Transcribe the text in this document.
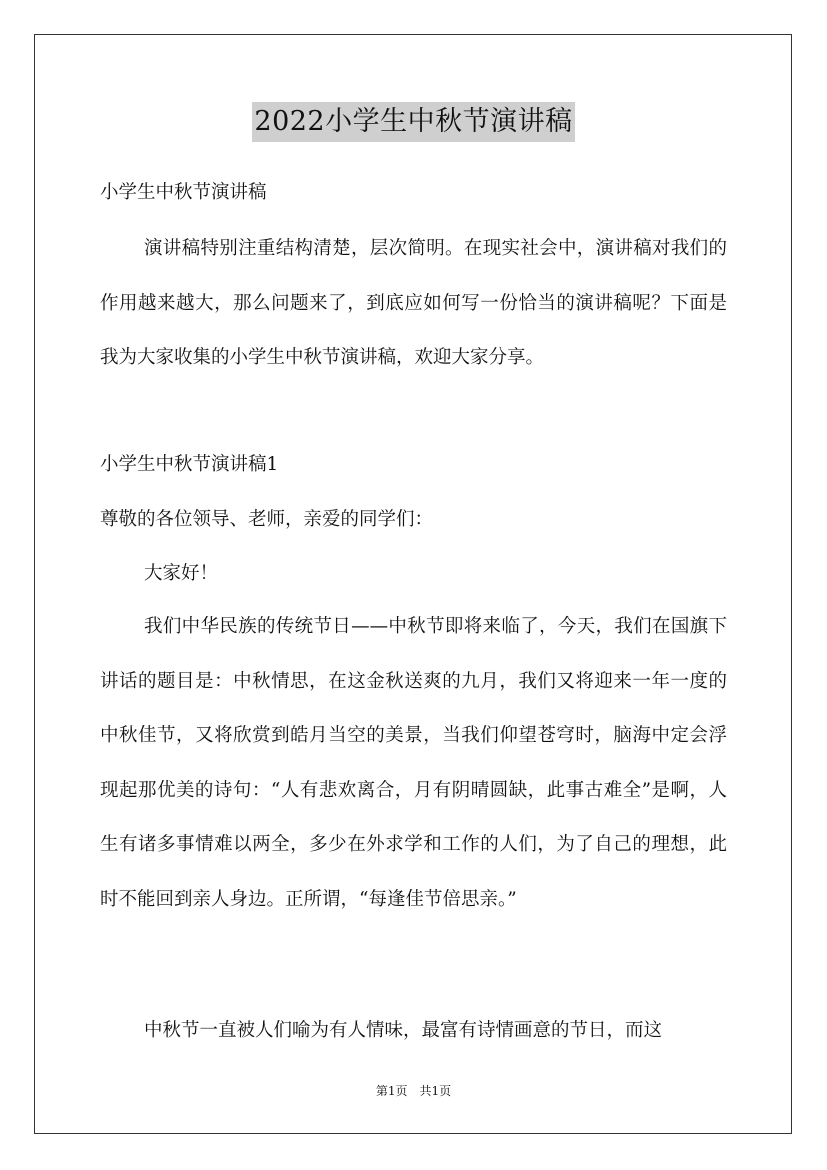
2022小学生中秋节演讲稿
小学生中秋节演讲稿
演讲稿特别注重结构清楚，层次简明。在现实社会中，演讲稿对我们的作用越来越大，那么问题来了，到底应如何写一份恰当的演讲稿呢？下面是我为大家收集的小学生中秋节演讲稿，欢迎大家分享。
小学生中秋节演讲稿1
尊敬的各位领导、老师，亲爱的同学们：
大家好！
我们中华民族的传统节日——中秋节即将来临了，今天，我们在国旗下讲话的题目是：中秋情思，在这金秋送爽的九月，我们又将迎来一年一度的中秋佳节，又将欣赏到皓月当空的美景，当我们仰望苍穹时，脑海中定会浮现起那优美的诗句：“人有悲欢离合，月有阴晴圆缺，此事古难全”是啊，人生有诸多事情难以两全，多少在外求学和工作的人们，为了自己的理想，此时不能回到亲人身边。正所谓，“每逢佳节倍思亲。”
中秋节一直被人们喻为有人情味，最富有诗情画意的节日，而这
第1页　共1页
